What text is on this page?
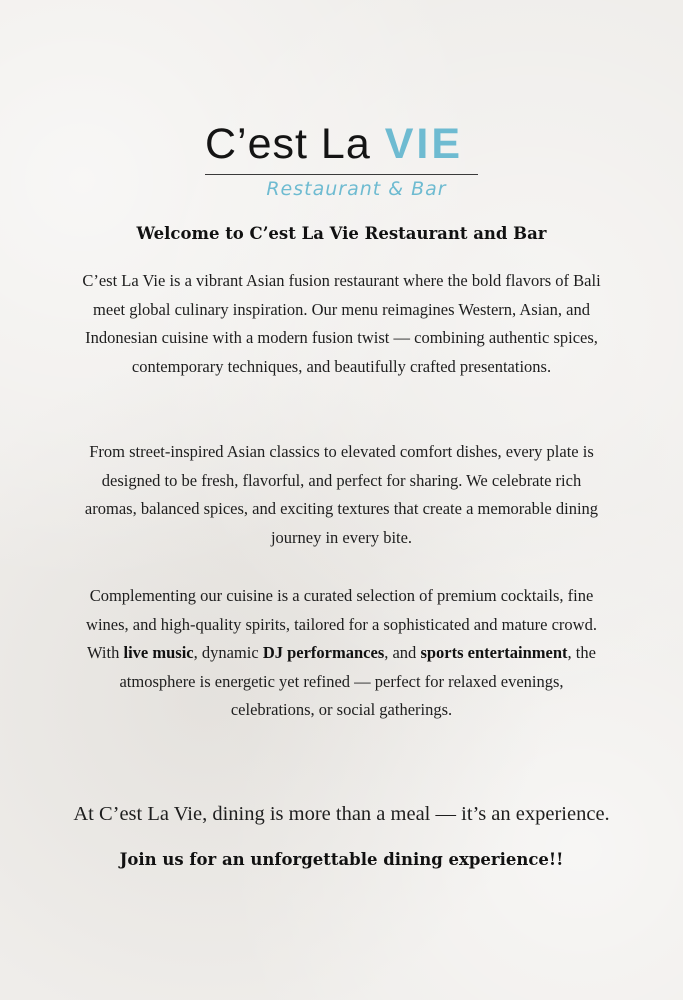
C’est La VIE
Restaurant & Bar
Welcome to C’est La Vie Restaurant and Bar
C’est La Vie is a vibrant Asian fusion restaurant where the bold flavors of Bali meet global culinary inspiration. Our menu reimagines Western, Asian, and Indonesian cuisine with a modern fusion twist — combining authentic spices, contemporary techniques, and beautifully crafted presentations.
From street-inspired Asian classics to elevated comfort dishes, every plate is designed to be fresh, flavorful, and perfect for sharing. We celebrate rich aromas, balanced spices, and exciting textures that create a memorable dining journey in every bite.
Complementing our cuisine is a curated selection of premium cocktails, fine wines, and high-quality spirits, tailored for a sophisticated and mature crowd. With live music, dynamic DJ performances, and sports entertainment, the atmosphere is energetic yet refined — perfect for relaxed evenings, celebrations, or social gatherings.
At C’est La Vie, dining is more than a meal — it’s an experience.
Join us for an unforgettable dining experience!!
